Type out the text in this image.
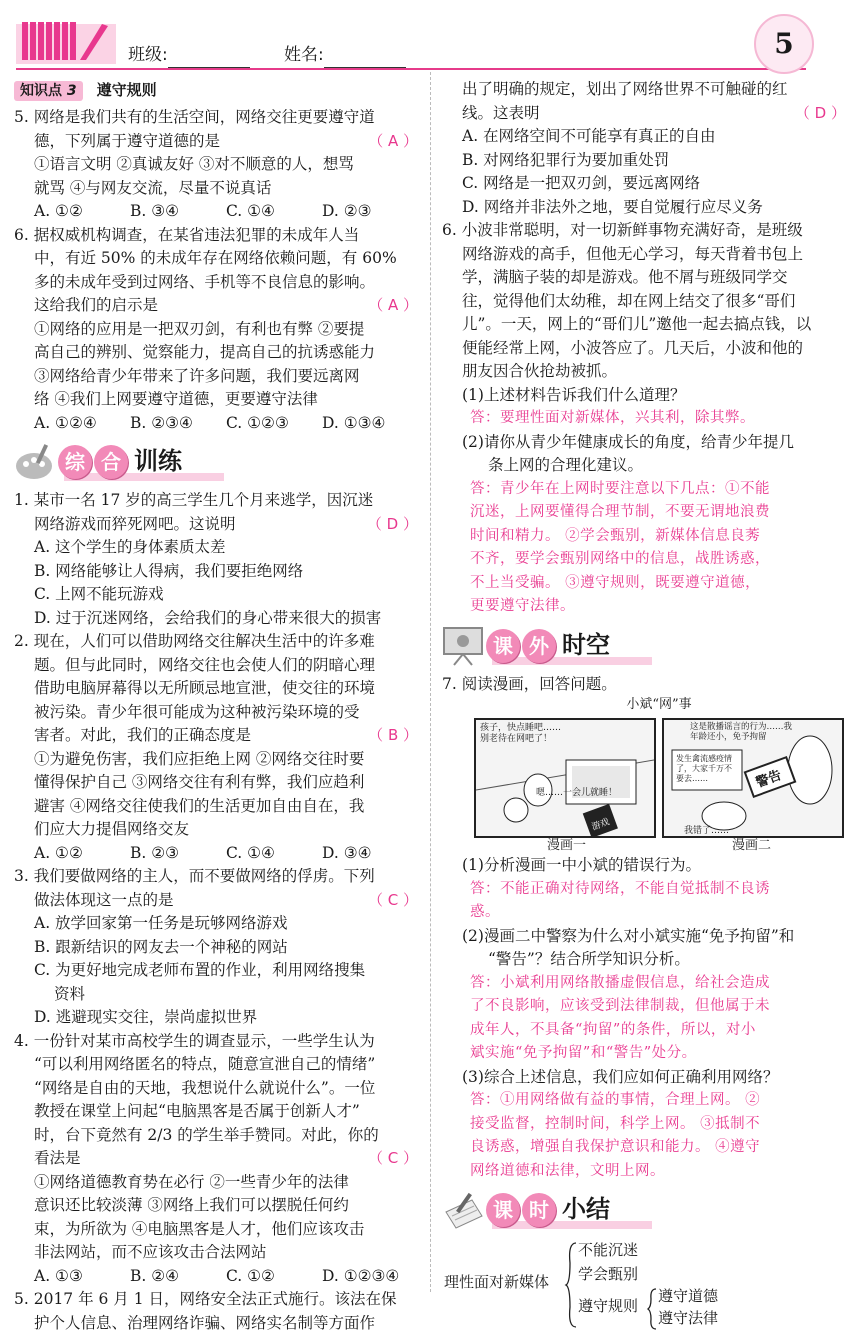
班级:	姓名:	5
知识点 3	遵守规则

5. 网络是我们共有的生活空间，网络交往更要遵守道

德，下列属于遵守道德的是	（ A ）

①语言文明 ②真诚友好 ③对不顺意的人，想骂

就骂 ④与网友交流，尽量不说真话

A. ①②	B. ③④	C. ①④	D. ②③

6. 据权威机构调查，在某省违法犯罪的未成年人当

中，有近 50% 的未成年存在网络依赖问题，有 60%

多的未成年受到过网络、手机等不良信息的影响。

这给我们的启示是	（ A ）

①网络的应用是一把双刃剑，有利也有弊 ②要提

高自己的辨别、觉察能力，提高自己的抗诱惑能力

③网络给青少年带来了许多问题，我们要远离网

络 ④我们上网要遵守道德，更要遵守法律

A. ①②④	B. ②③④	C. ①②③	D. ①③④
综 合 训练

1. 某市一名 17 岁的高三学生几个月来逃学，因沉迷

网络游戏而猝死网吧。这说明	（ D ）

A. 这个学生的身体素质太差

B. 网络能够让人得病，我们要拒绝网络

C. 上网不能玩游戏

D. 过于沉迷网络，会给我们的身心带来很大的损害

2. 现在，人们可以借助网络交往解决生活中的许多难

题。但与此同时，网络交往也会使人们的阴暗心理

借助电脑屏幕得以无所顾忌地宣泄，使交往的环境

被污染。青少年很可能成为这种被污染环境的受

害者。对此，我们的正确态度是	（ B ）

①为避免伤害，我们应拒绝上网 ②网络交往时要

懂得保护自己 ③网络交往有利有弊，我们应趋利

避害 ④网络交往使我们的生活更加自由自在，我

们应大力提倡网络交友

A. ①②	B. ②③	C. ①④	D. ③④

3. 我们要做网络的主人，而不要做网络的俘虏。下列

做法体现这一点的是	（ C ）

A. 放学回家第一任务是玩够网络游戏

B. 跟新结识的网友去一个神秘的网站

C. 为更好地完成老师布置的作业，利用网络搜集

资料

D. 逃避现实交往，崇尚虚拟世界

4. 一份针对某市高校学生的调查显示，一些学生认为

“可以利用网络匿名的特点，随意宣泄自己的情绪”

“网络是自由的天地，我想说什么就说什么”。一位

教授在课堂上问起“电脑黑客是否属于创新人才”

时，台下竟然有 2/3 的学生举手赞同。对此，你的

看法是	（ C ）

①网络道德教育势在必行 ②一些青少年的法律

意识还比较淡薄 ③网络上我们可以摆脱任何约

束，为所欲为 ④电脑黑客是人才，他们应该攻击

非法网站，而不应该攻击合法网站

A. ①③	B. ②④	C. ①②	D. ①②③④

5. 2017 年 6 月 1 日，网络安全法正式施行。该法在保

护个人信息、治理网络诈骗、网络实名制等方面作

出了明确的规定，划出了网络世界不可触碰的红

线。这表明	（ D ）

A. 在网络空间不可能享有真正的自由

B. 对网络犯罪行为要加重处罚

C. 网络是一把双刃剑，要远离网络

D. 网络并非法外之地，要自觉履行应尽义务

6. 小波非常聪明，对一切新鲜事物充满好奇，是班级

网络游戏的高手，但他无心学习，每天背着书包上

学，满脑子装的却是游戏。他不屑与班级同学交

往，觉得他们太幼稚，却在网上结交了很多“哥们

儿”。一天，网上的“哥们儿”邀他一起去搞点钱，以

便能经常上网，小波答应了。几天后，小波和他的

朋友因合伙抢劫被抓。

(1)上述材料告诉我们什么道理？

答：要理性面对新媒体，兴其利，除其弊。

(2)请你从青少年健康成长的角度，给青少年提几

条上网的合理化建议。

答：青少年在上网时要注意以下几点：①不能

沉迷，上网要懂得合理节制，不要无谓地浪费

时间和精力。 ②学会甄别，新媒体信息良莠

不齐，要学会甄别网络中的信息，战胜诱惑，

不上当受骗。 ③遵守规则，既要遵守道德，

更要遵守法律。

课 外 时空

7. 阅读漫画，回答问题。

小斌“网”事
孩子，快点睡吧……别老待在网吧了！
嗯……一会儿就睡！
游戏
这是散播谣言的行为……我年龄还小，免予拘留
发生禽流感疫情了，大家千万不要去……	警告
我错了……
漫画一	漫画二

(1)分析漫画一中小斌的错误行为。

答：不能正确对待网络，不能自觉抵制不良诱

惑。

(2)漫画二中警察为什么对小斌实施“免予拘留”和

“警告”？结合所学知识分析。

答：小斌利用网络散播虚假信息，给社会造成

了不良影响，应该受到法律制裁，但他属于未

成年人，不具备“拘留”的条件，所以，对小

斌实施“免予拘留”和“警告”处分。

(3)综合上述信息，我们应如何正确利用网络？

答：①用网络做有益的事情，合理上网。 ②

接受监督，控制时间，科学上网。 ③抵制不

良诱惑，增强自我保护意识和能力。 ④遵守

网络道德和法律，文明上网。

课 时 小结
理性面对新媒体
不能沉迷
学会甄别
遵守规则
遵守道德
遵守法律
